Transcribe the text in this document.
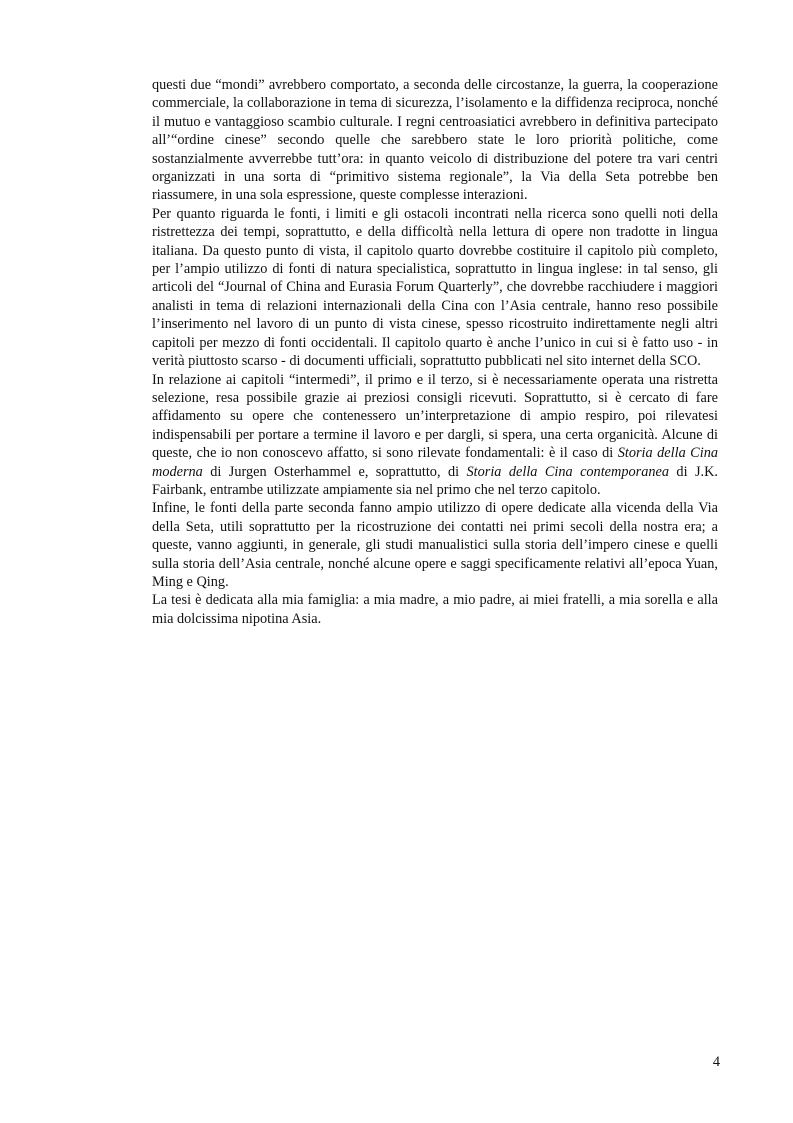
questi due “mondi” avrebbero comportato, a seconda delle circostanze, la guerra, la cooperazione commerciale, la collaborazione in tema di sicurezza, l’isolamento e la diffidenza reciproca, nonché il mutuo e vantaggioso scambio culturale. I regni centroasiatici avrebbero in definitiva partecipato all’“ordine cinese” secondo quelle che sarebbero state le loro priorità politiche, come sostanzialmente avverrebbe tutt’ora: in quanto veicolo di distribuzione del potere tra vari centri organizzati in una sorta di “primitivo sistema regionale”, la Via della Seta potrebbe ben riassumere, in una sola espressione, queste complesse interazioni.

Per quanto riguarda le fonti, i limiti e gli ostacoli incontrati nella ricerca sono quelli noti della ristrettezza dei tempi, soprattutto, e della difficoltà nella lettura di opere non tradotte in lingua italiana. Da questo punto di vista, il capitolo quarto dovrebbe costituire il capitolo più completo, per l’ampio utilizzo di fonti di natura specialistica, soprattutto in lingua inglese: in tal senso, gli articoli del “Journal of China and Eurasia Forum Quarterly”, che dovrebbe racchiudere i maggiori analisti in tema di relazioni internazionali della Cina con l’Asia centrale, hanno reso possibile l’inserimento nel lavoro di un punto di vista cinese, spesso ricostruito indirettamente negli altri capitoli per mezzo di fonti occidentali. Il capitolo quarto è anche l’unico in cui si è fatto uso - in verità piuttosto scarso - di documenti ufficiali, soprattutto pubblicati nel sito internet della SCO.

In relazione ai capitoli “intermedi”, il primo e il terzo, si è necessariamente operata una ristretta selezione, resa possibile grazie ai preziosi consigli ricevuti. Soprattutto, si è cercato di fare affidamento su opere che contenessero un’interpretazione di ampio respiro, poi rilevatesi indispensabili per portare a termine il lavoro e per dargli, si spera, una certa organicità. Alcune di queste, che io non conoscevo affatto, si sono rilevate fondamentali: è il caso di Storia della Cina moderna di Jurgen Osterhammel e, soprattutto, di Storia della Cina contemporanea di J.K. Fairbank, entrambe utilizzate ampiamente sia nel primo che nel terzo capitolo.

Infine, le fonti della parte seconda fanno ampio utilizzo di opere dedicate alla vicenda della Via della Seta, utili soprattutto per la ricostruzione dei contatti nei primi secoli della nostra era; a queste, vanno aggiunti, in generale, gli studi manualistici sulla storia dell’impero cinese e quelli sulla storia dell’Asia centrale, nonché alcune opere e saggi specificamente relativi all’epoca Yuan, Ming e Qing.

La tesi è dedicata alla mia famiglia: a mia madre, a mio padre, ai miei fratelli, a mia sorella e alla mia dolcissima nipotina Asia.

4
